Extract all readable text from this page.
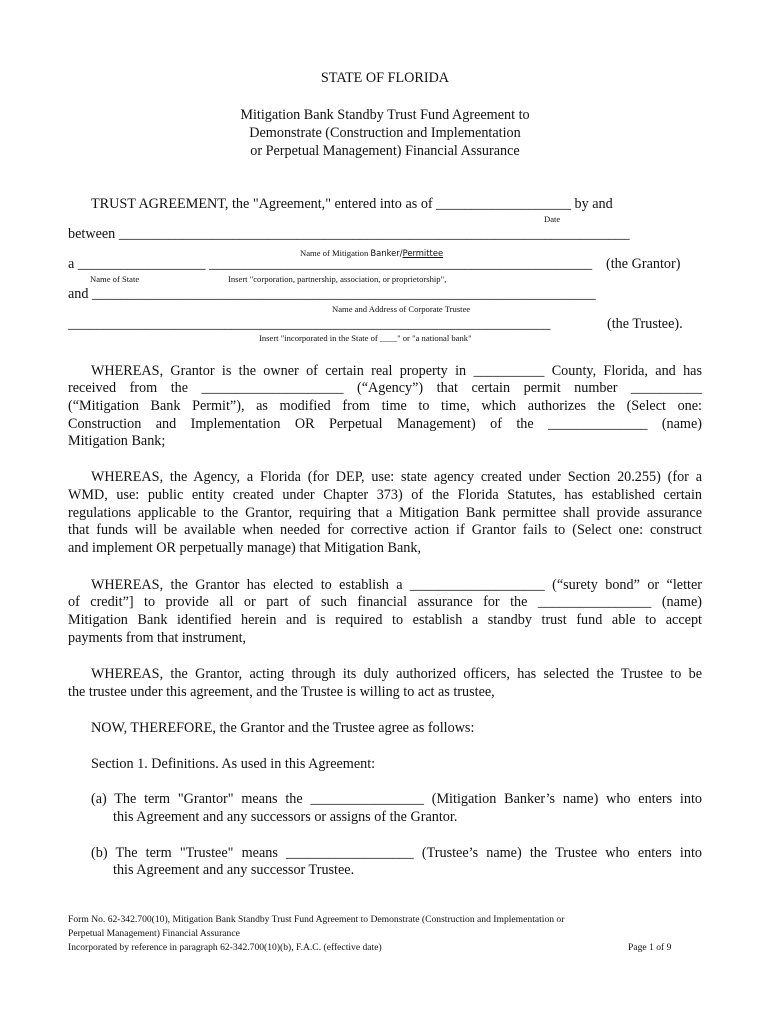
STATE OF FLORIDA
Mitigation Bank Standby Trust Fund Agreement to
Demonstrate (Construction and Implementation
or Perpetual Management) Financial Assurance
TRUST AGREEMENT, the "Agreement," entered into as of ___________________ by and
Date
between ________________________________________________________________________
Name of Mitigation Banker/Permittee
a __________________ ______________________________________________________ (the Grantor)
Name of State	Insert "corporation, partnership, association, or proprietorship",
and _______________________________________________________________________
Name and Address of Corporate Trustee
____________________________________________________________________	(the Trustee).
Insert "incorporated in the State of ____" or "a national bank"
WHEREAS, Grantor is the owner of certain real property in __________ County, Florida, and has
received from the ____________________ (“Agency”) that certain permit number __________
(“Mitigation Bank Permit”), as modified from time to time, which authorizes the (Select one:
Construction and Implementation OR Perpetual Management) of the ______________ (name)
Mitigation Bank;
WHEREAS, the Agency, a Florida (for DEP, use: state agency created under Section 20.255) (for a
WMD, use: public entity created under Chapter 373) of the Florida Statutes, has established certain
regulations applicable to the Grantor, requiring that a Mitigation Bank permittee shall provide assurance
that funds will be available when needed for corrective action if Grantor fails to (Select one: construct
and implement OR perpetually manage) that Mitigation Bank,
WHEREAS, the Grantor has elected to establish a ___________________ (“surety bond” or “letter
of credit”] to provide all or part of such financial assurance for the ________________ (name)
Mitigation Bank identified herein and is required to establish a standby trust fund able to accept
payments from that instrument,
WHEREAS, the Grantor, acting through its duly authorized officers, has selected the Trustee to be
the trustee under this agreement, and the Trustee is willing to act as trustee,
NOW, THEREFORE, the Grantor and the Trustee agree as follows:
Section 1. Definitions. As used in this Agreement:
(a) The term "Grantor" means the ________________ (Mitigation Banker’s name) who enters into
this Agreement and any successors or assigns of the Grantor.
(b) The term "Trustee" means __________________ (Trustee’s name) the Trustee who enters into
this Agreement and any successor Trustee.
Form No. 62-342.700(10), Mitigation Bank Standby Trust Fund Agreement to Demonstrate (Construction and Implementation or
Perpetual Management) Financial Assurance
Incorporated by reference in paragraph 62-342.700(10)(b), F.A.C. (effective date)	Page 1 of 9
